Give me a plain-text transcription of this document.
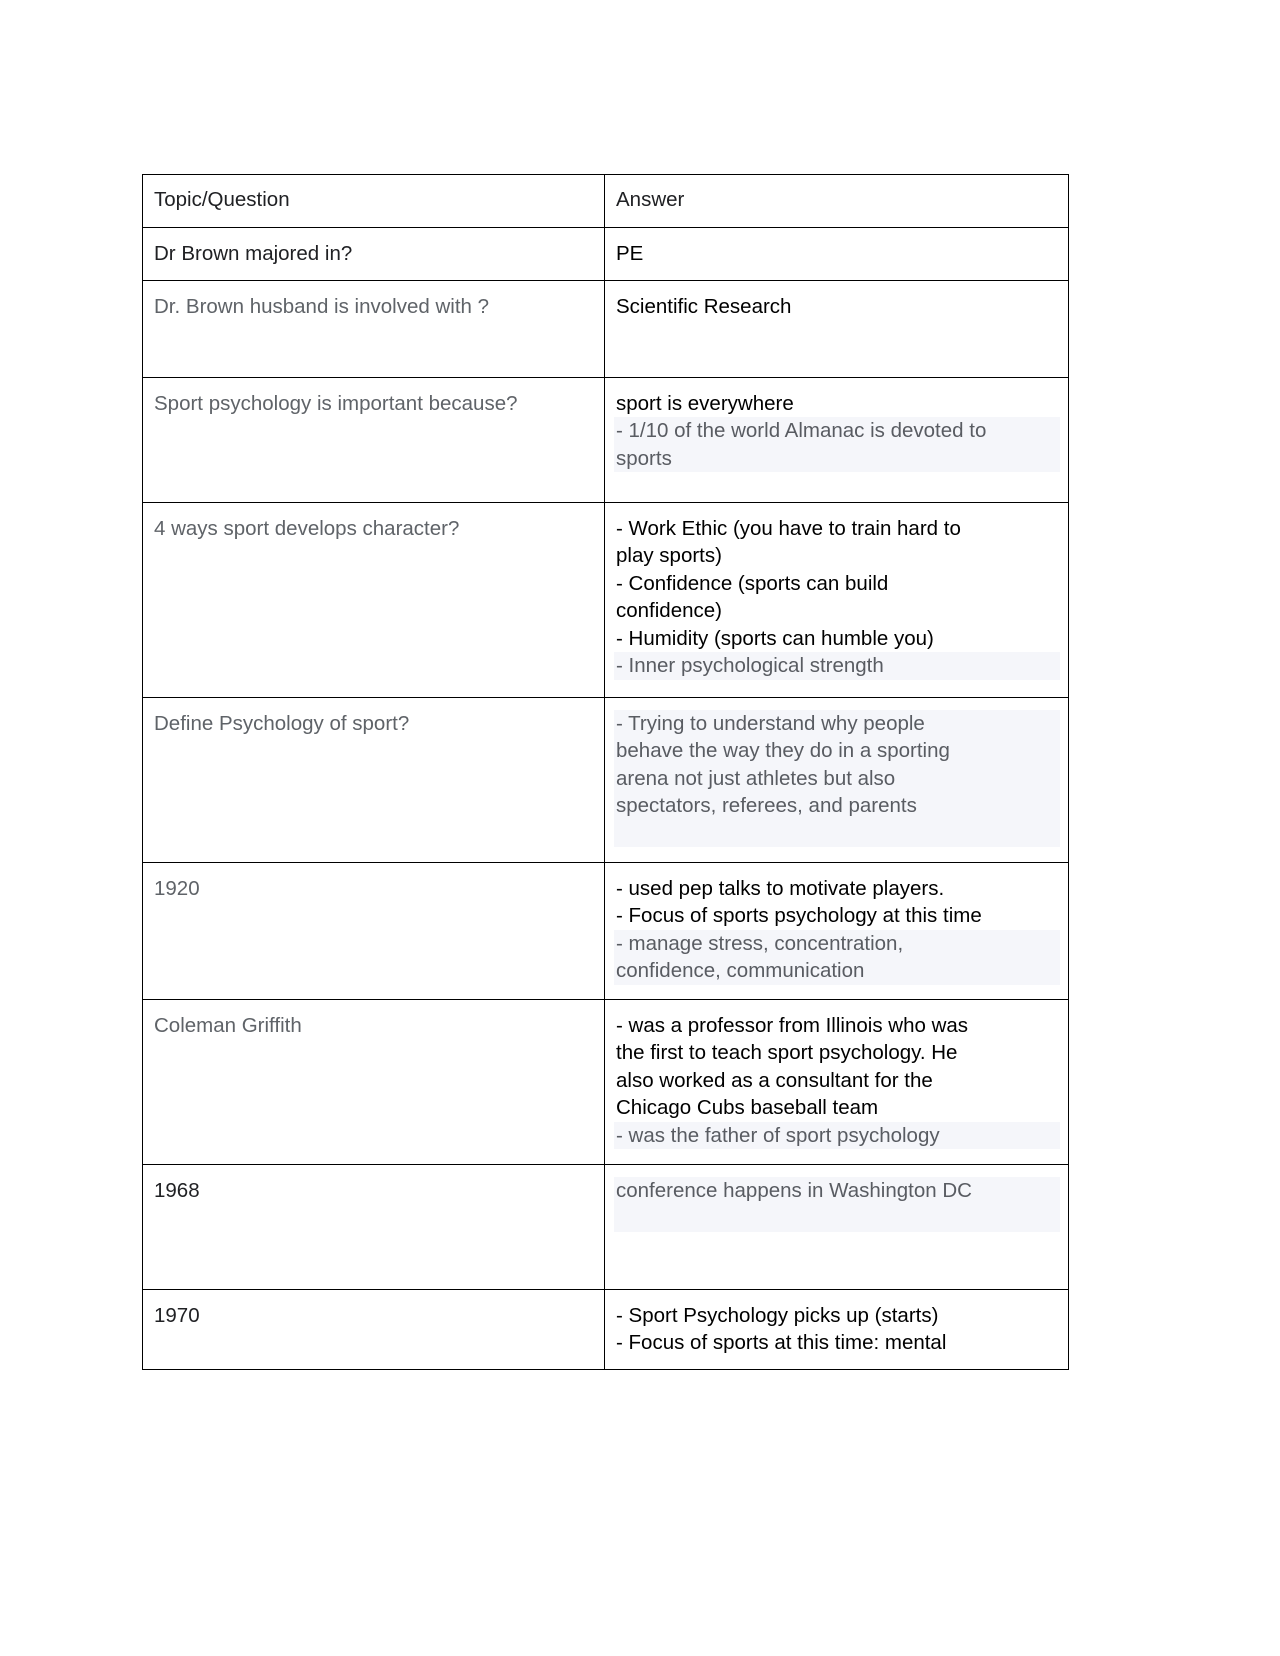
Topic/Question	Answer

Dr Brown majored in?	PE

Dr. Brown husband is involved with ?	Scientific Research

Sport psychology is important because?	sport is everywhere
- 1/10 of the world Almanac is devoted to
sports

4 ways sport develops character?	- Work Ethic (you have to train hard to
play sports)
- Confidence (sports can build
confidence)
- Humidity (sports can humble you)
- Inner psychological strength

Define Psychology of sport?	- Trying to understand why people
behave the way they do in a sporting
arena not just athletes but also
spectators, referees, and parents

1920	- used pep talks to motivate players.
- Focus of sports psychology at this time
- manage stress, concentration,
confidence, communication

Coleman Griffith	- was a professor from Illinois who was
the first to teach sport psychology. He
also worked as a consultant for the
Chicago Cubs baseball team
- was the father of sport psychology

1968	conference happens in Washington DC

1970	- Sport Psychology picks up (starts)
- Focus of sports at this time: mental
